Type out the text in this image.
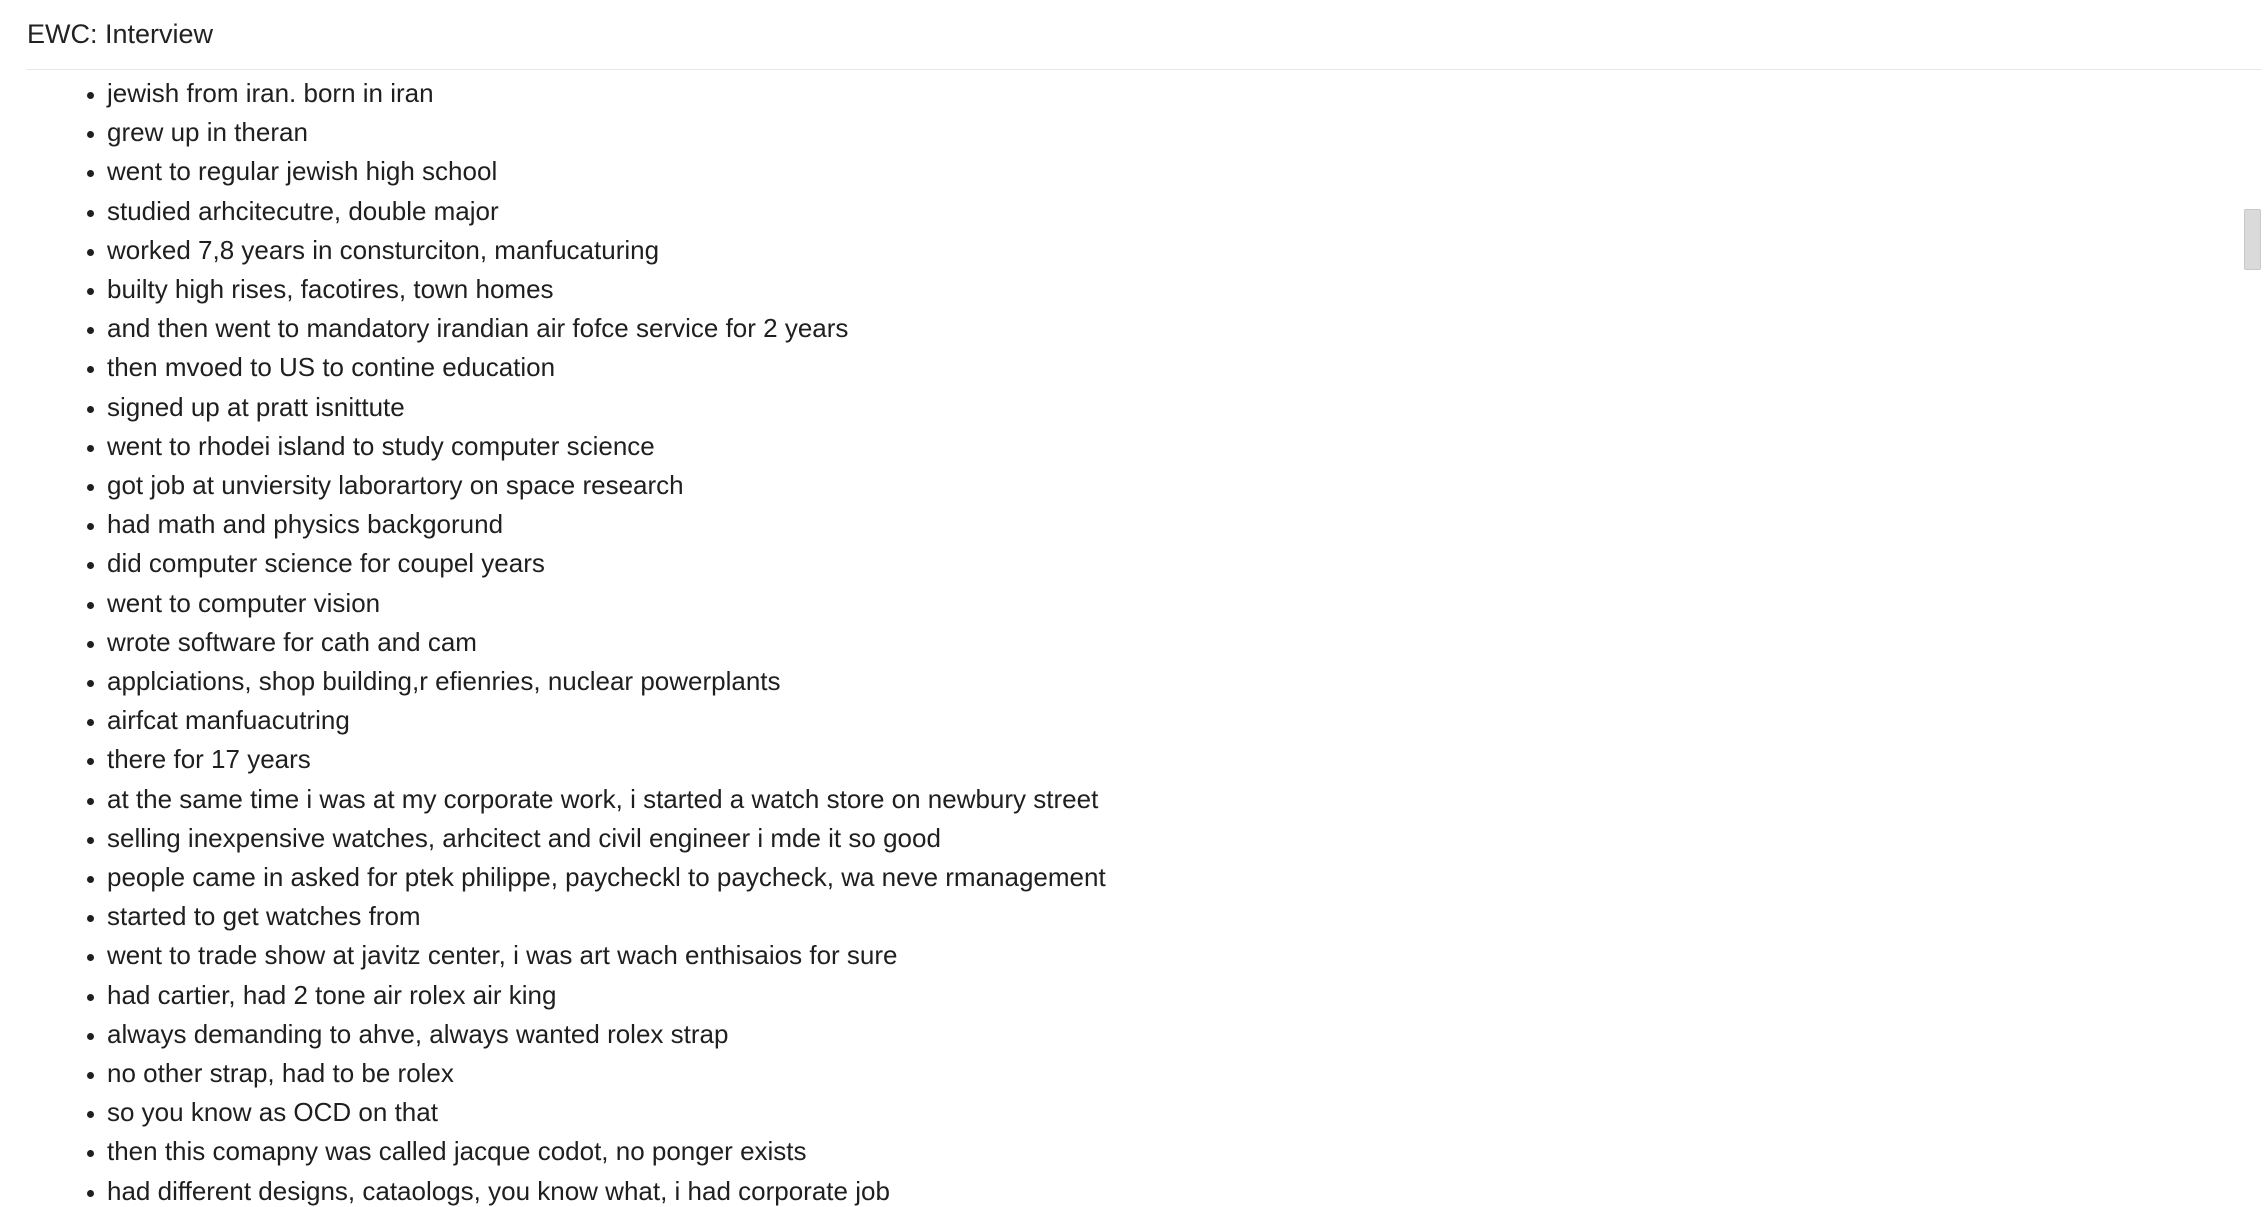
EWC: Interview
• jewish from iran. born in iran
• grew up in theran
• went to regular jewish high school
• studied arhcitecutre, double major
• worked 7,8 years in consturciton, manfucaturing
• builty high rises, facotires, town homes
• and then went to mandatory irandian air fofce service for 2 years
• then mvoed to US to contine education
• signed up at pratt isnittute
• went to rhodei island to study computer science
• got job at unviersity laborartory on space research
• had math and physics backgorund
• did computer science for coupel years
• went to computer vision
• wrote software for cath and cam
• applciations, shop building,r efienries, nuclear powerplants
• airfcat manfuacutring
• there for 17 years
• at the same time i was at my corporate work, i started a watch store on newbury street
• selling inexpensive watches, arhcitect and civil engineer i mde it so good
• people came in asked for ptek philippe, paycheckl to paycheck, wa neve rmanagement
• started to get watches from
• went to trade show at javitz center, i was art wach enthisaios for sure
• had cartier, had 2 tone air rolex air king
• always demanding to ahve, always wanted rolex strap
• no other strap, had to be rolex
• so you know as OCD on that
• then this comapny was called jacque codot, no ponger exists
• had different designs, cataologs, you know what, i had corporate job
